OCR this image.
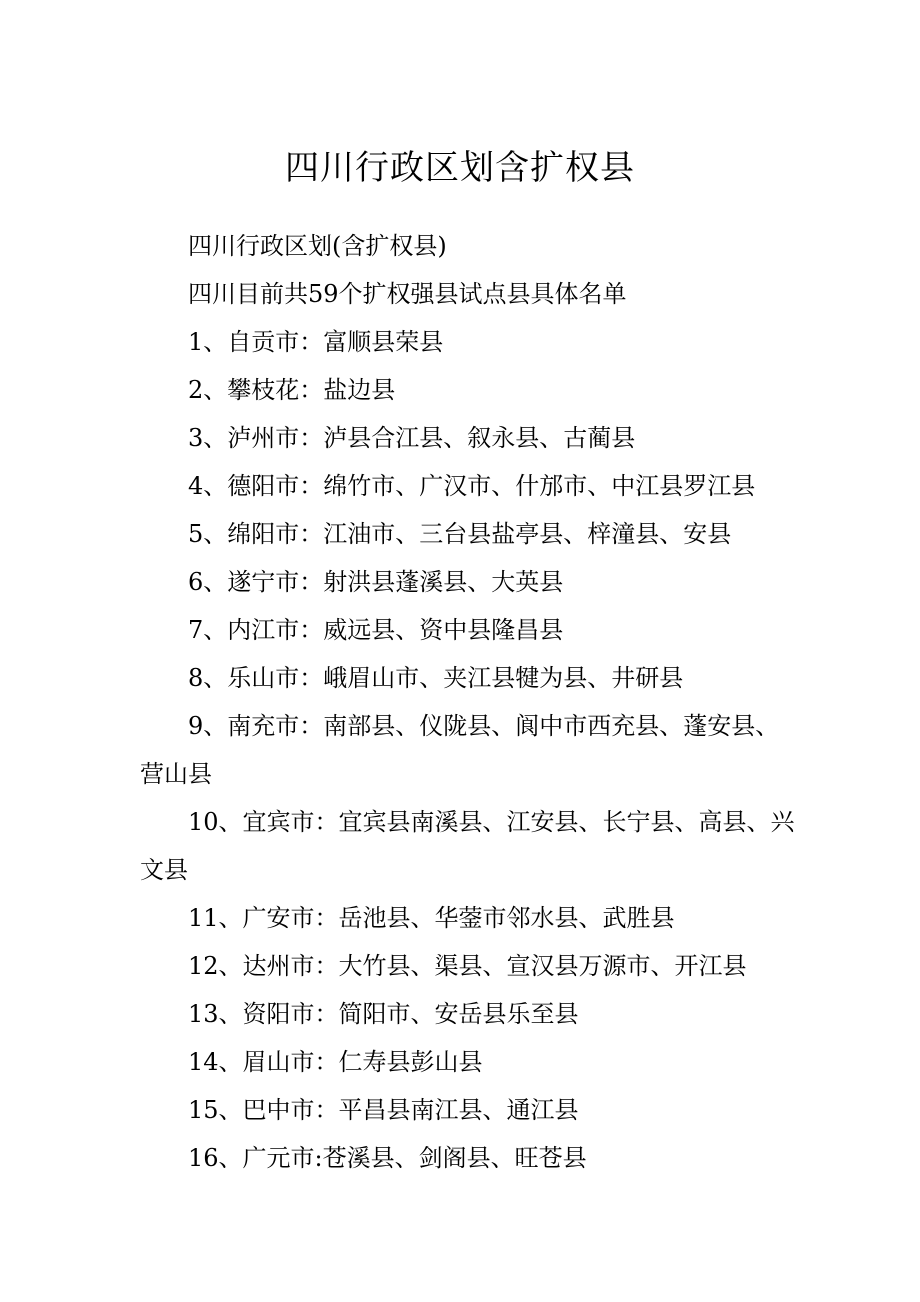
四川行政区划含扩权县

四川行政区划(含扩权县)

四川目前共59个扩权强县试点县具体名单

1、自贡市：富顺县荣县

2、攀枝花：盐边县

3、泸州市：泸县合江县、叙永县、古蔺县

4、德阳市：绵竹市、广汉市、什邡市、中江县罗江县

5、绵阳市：江油市、三台县盐亭县、梓潼县、安县

6、遂宁市：射洪县蓬溪县、大英县

7、内江市：威远县、资中县隆昌县

8、乐山市：峨眉山市、夹江县犍为县、井研县

9、南充市：南部县、仪陇县、阆中市西充县、蓬安县、营山县

10、宜宾市：宜宾县南溪县、江安县、长宁县、高县、兴文县

11、广安市：岳池县、华蓥市邻水县、武胜县

12、达州市：大竹县、渠县、宣汉县万源市、开江县

13、资阳市：简阳市、安岳县乐至县

14、眉山市：仁寿县彭山县

15、巴中市：平昌县南江县、通江县

16、广元市:苍溪县、剑阁县、旺苍县
